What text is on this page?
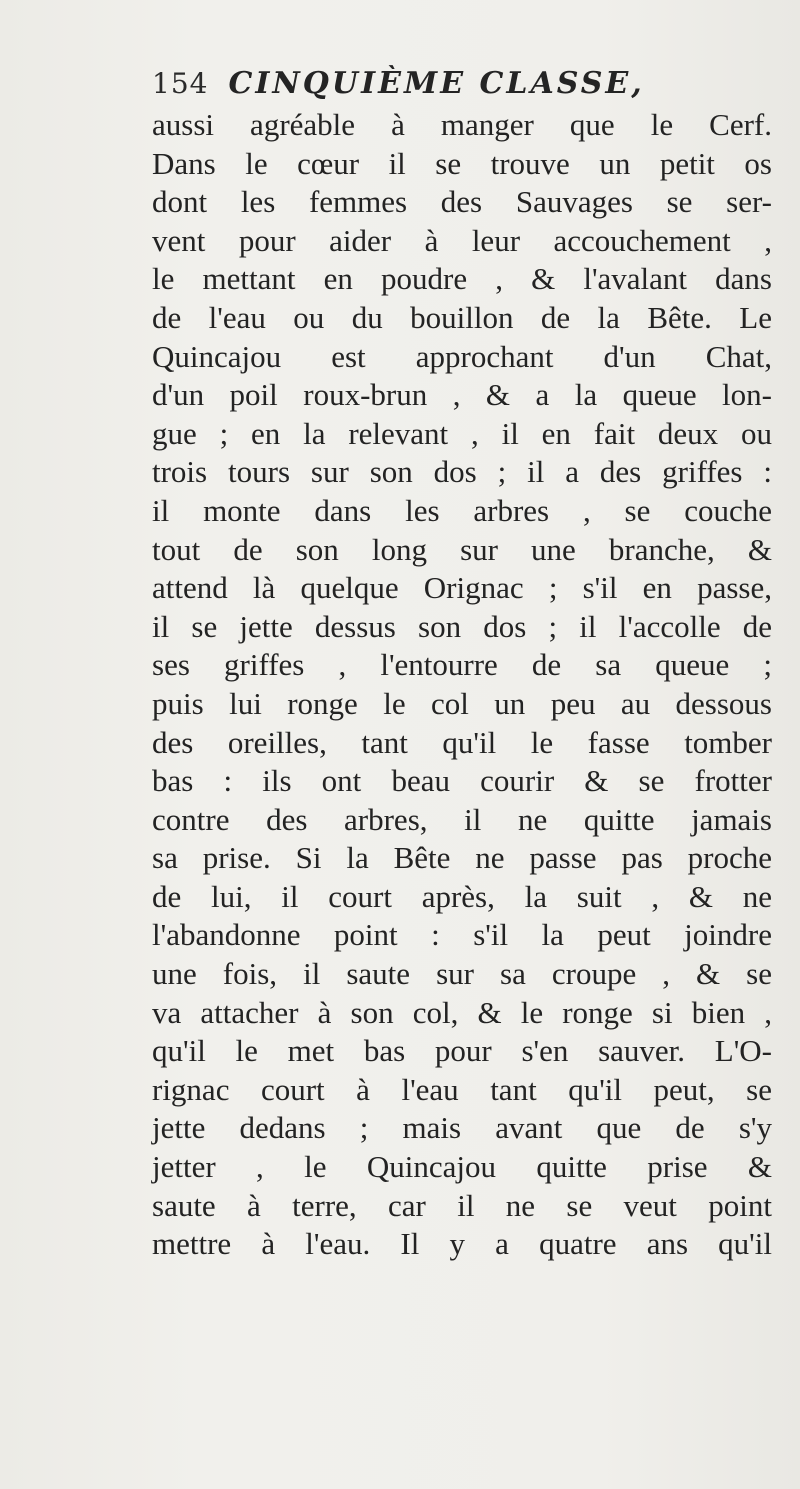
154 CINQUIÈME CLASSE,
aussi agréable à manger que le Cerf.
Dans le cœur il se trouve un petit os
dont les femmes des Sauvages se ser-
vent pour aider à leur accouchement ,
le mettant en poudre , & l'avalant dans
de l'eau ou du bouillon de la Bête. Le
Quincajou est approchant d'un Chat,
d'un poil roux-brun , & a la queue lon-
gue ; en la relevant , il en fait deux ou
trois tours sur son dos ; il a des griffes :
il monte dans les arbres , se couche
tout de son long sur une branche, &
attend là quelque Orignac ; s'il en passe,
il se jette dessus son dos ; il l'accolle de
ses griffes , l'entourre de sa queue ;
puis lui ronge le col un peu au dessous
des oreilles, tant qu'il le fasse tomber
bas : ils ont beau courir & se frotter
contre des arbres, il ne quitte jamais
sa prise. Si la Bête ne passe pas proche
de lui, il court après, la suit , & ne
l'abandonne point : s'il la peut joindre
une fois, il saute sur sa croupe , & se
va attacher à son col, & le ronge si bien ,
qu'il le met bas pour s'en sauver. L'O-
rignac court à l'eau tant qu'il peut, se
jette dedans ; mais avant que de s'y
jetter , le Quincajou quitte prise &
saute à terre, car il ne se veut point
mettre à l'eau. Il y a quatre ans qu'il
